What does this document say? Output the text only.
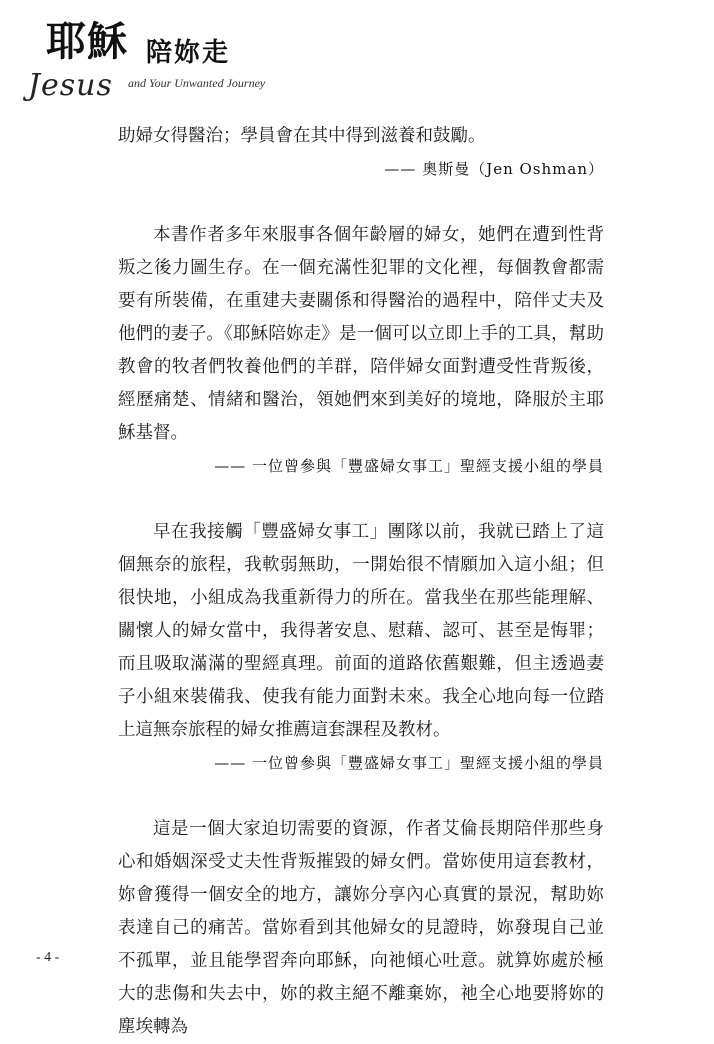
耶穌 陪妳走
Jesus and Your Unwanted Journey

助婦女得醫治；學員會在其中得到滋養和鼓勵。

—— 奧斯曼（Jen Oshman）

本書作者多年來服事各個年齡層的婦女，她們在遭到性背叛之後力圖生存。在一個充滿性犯罪的文化裡，每個教會都需要有所裝備，在重建夫妻關係和得醫治的過程中，陪伴丈夫及他們的妻子。《耶穌陪妳走》是一個可以立即上手的工具，幫助教會的牧者們牧養他們的羊群，陪伴婦女面對遭受性背叛後，經歷痛楚、情緒和醫治，領她們來到美好的境地，降服於主耶穌基督。

—— 一位曾參與「豐盛婦女事工」聖經支援小組的學員

早在我接觸「豐盛婦女事工」團隊以前，我就已踏上了這個無奈的旅程，我軟弱無助，一開始很不情願加入這小組；但很快地，小組成為我重新得力的所在。當我坐在那些能理解、關懷人的婦女當中，我得著安息、慰藉、認可、甚至是悔罪；而且吸取滿滿的聖經真理。前面的道路依舊艱難，但主透過妻子小組來裝備我、使我有能力面對未來。我全心地向每一位踏上這無奈旅程的婦女推薦這套課程及教材。

—— 一位曾參與「豐盛婦女事工」聖經支援小組的學員

這是一個大家迫切需要的資源，作者艾倫長期陪伴那些身心和婚姻深受丈夫性背叛摧毀的婦女們。當妳使用這套教材，妳會獲得一個安全的地方，讓妳分享內心真實的景況，幫助妳表達自己的痛苦。當妳看到其他婦女的見證時，妳發現自己並不孤單，並且能學習奔向耶穌，向祂傾心吐意。就算妳處於極大的悲傷和失去中，妳的救主絕不離棄妳，祂全心地要將妳的塵埃轉為

- 4 -
